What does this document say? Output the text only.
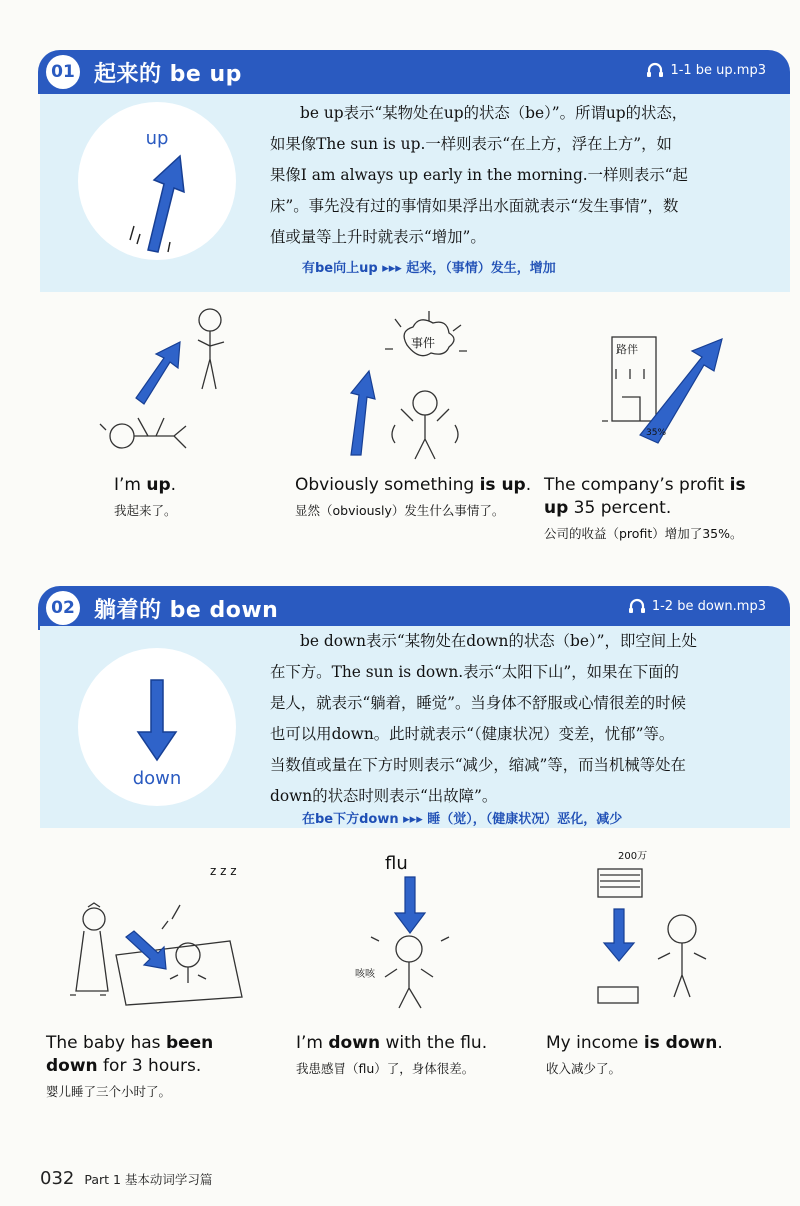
01 起来的 be up	1-1 be up.mp3
up

be up表示“某物处在up的状态（be）”。所谓up的状态，

如果像The sun is up.一样则表示“在上方，浮在上方”，如

果像I am always up early in the morning.一样则表示“起

床”。事先没有过的事情如果浮出水面就表示“发生事情”，数

值或量等上升时就表示“增加”。

有be向上up ▸▸▸ 起来，（事情）发生，增加
事件	路伴
35%
I’m up.
我起来了。
Obviously something is up.
显然（obviously）发生什么事情了。
The company’s profit is up 35 percent.
公司的收益（profit）增加了35%。
02 躺着的 be down	1-2 be down.mp3
down

be down表示“某物处在down的状态（be）”，即空间上处

在下方。The sun is down.表示“太阳下山”，如果在下面的

是人，就表示“躺着，睡觉”。当身体不舒服或心情很差的时候

也可以用down。此时就表示“（健康状况）变差，忧郁”等。

当数值或量在下方时则表示“减少，缩减”等，而当机械等处在

down的状态时则表示“出故障”。

在be下方down ▸▸▸ 睡（觉），（健康状况）恶化，减少
z z z	flu
咳咳
200万
The baby has been down for 3 hours.
婴儿睡了三个小时了。
I’m down with the flu.
我患感冒（flu）了，身体很差。
My income is down.
收入减少了。
032 Part 1 基本动词学习篇
